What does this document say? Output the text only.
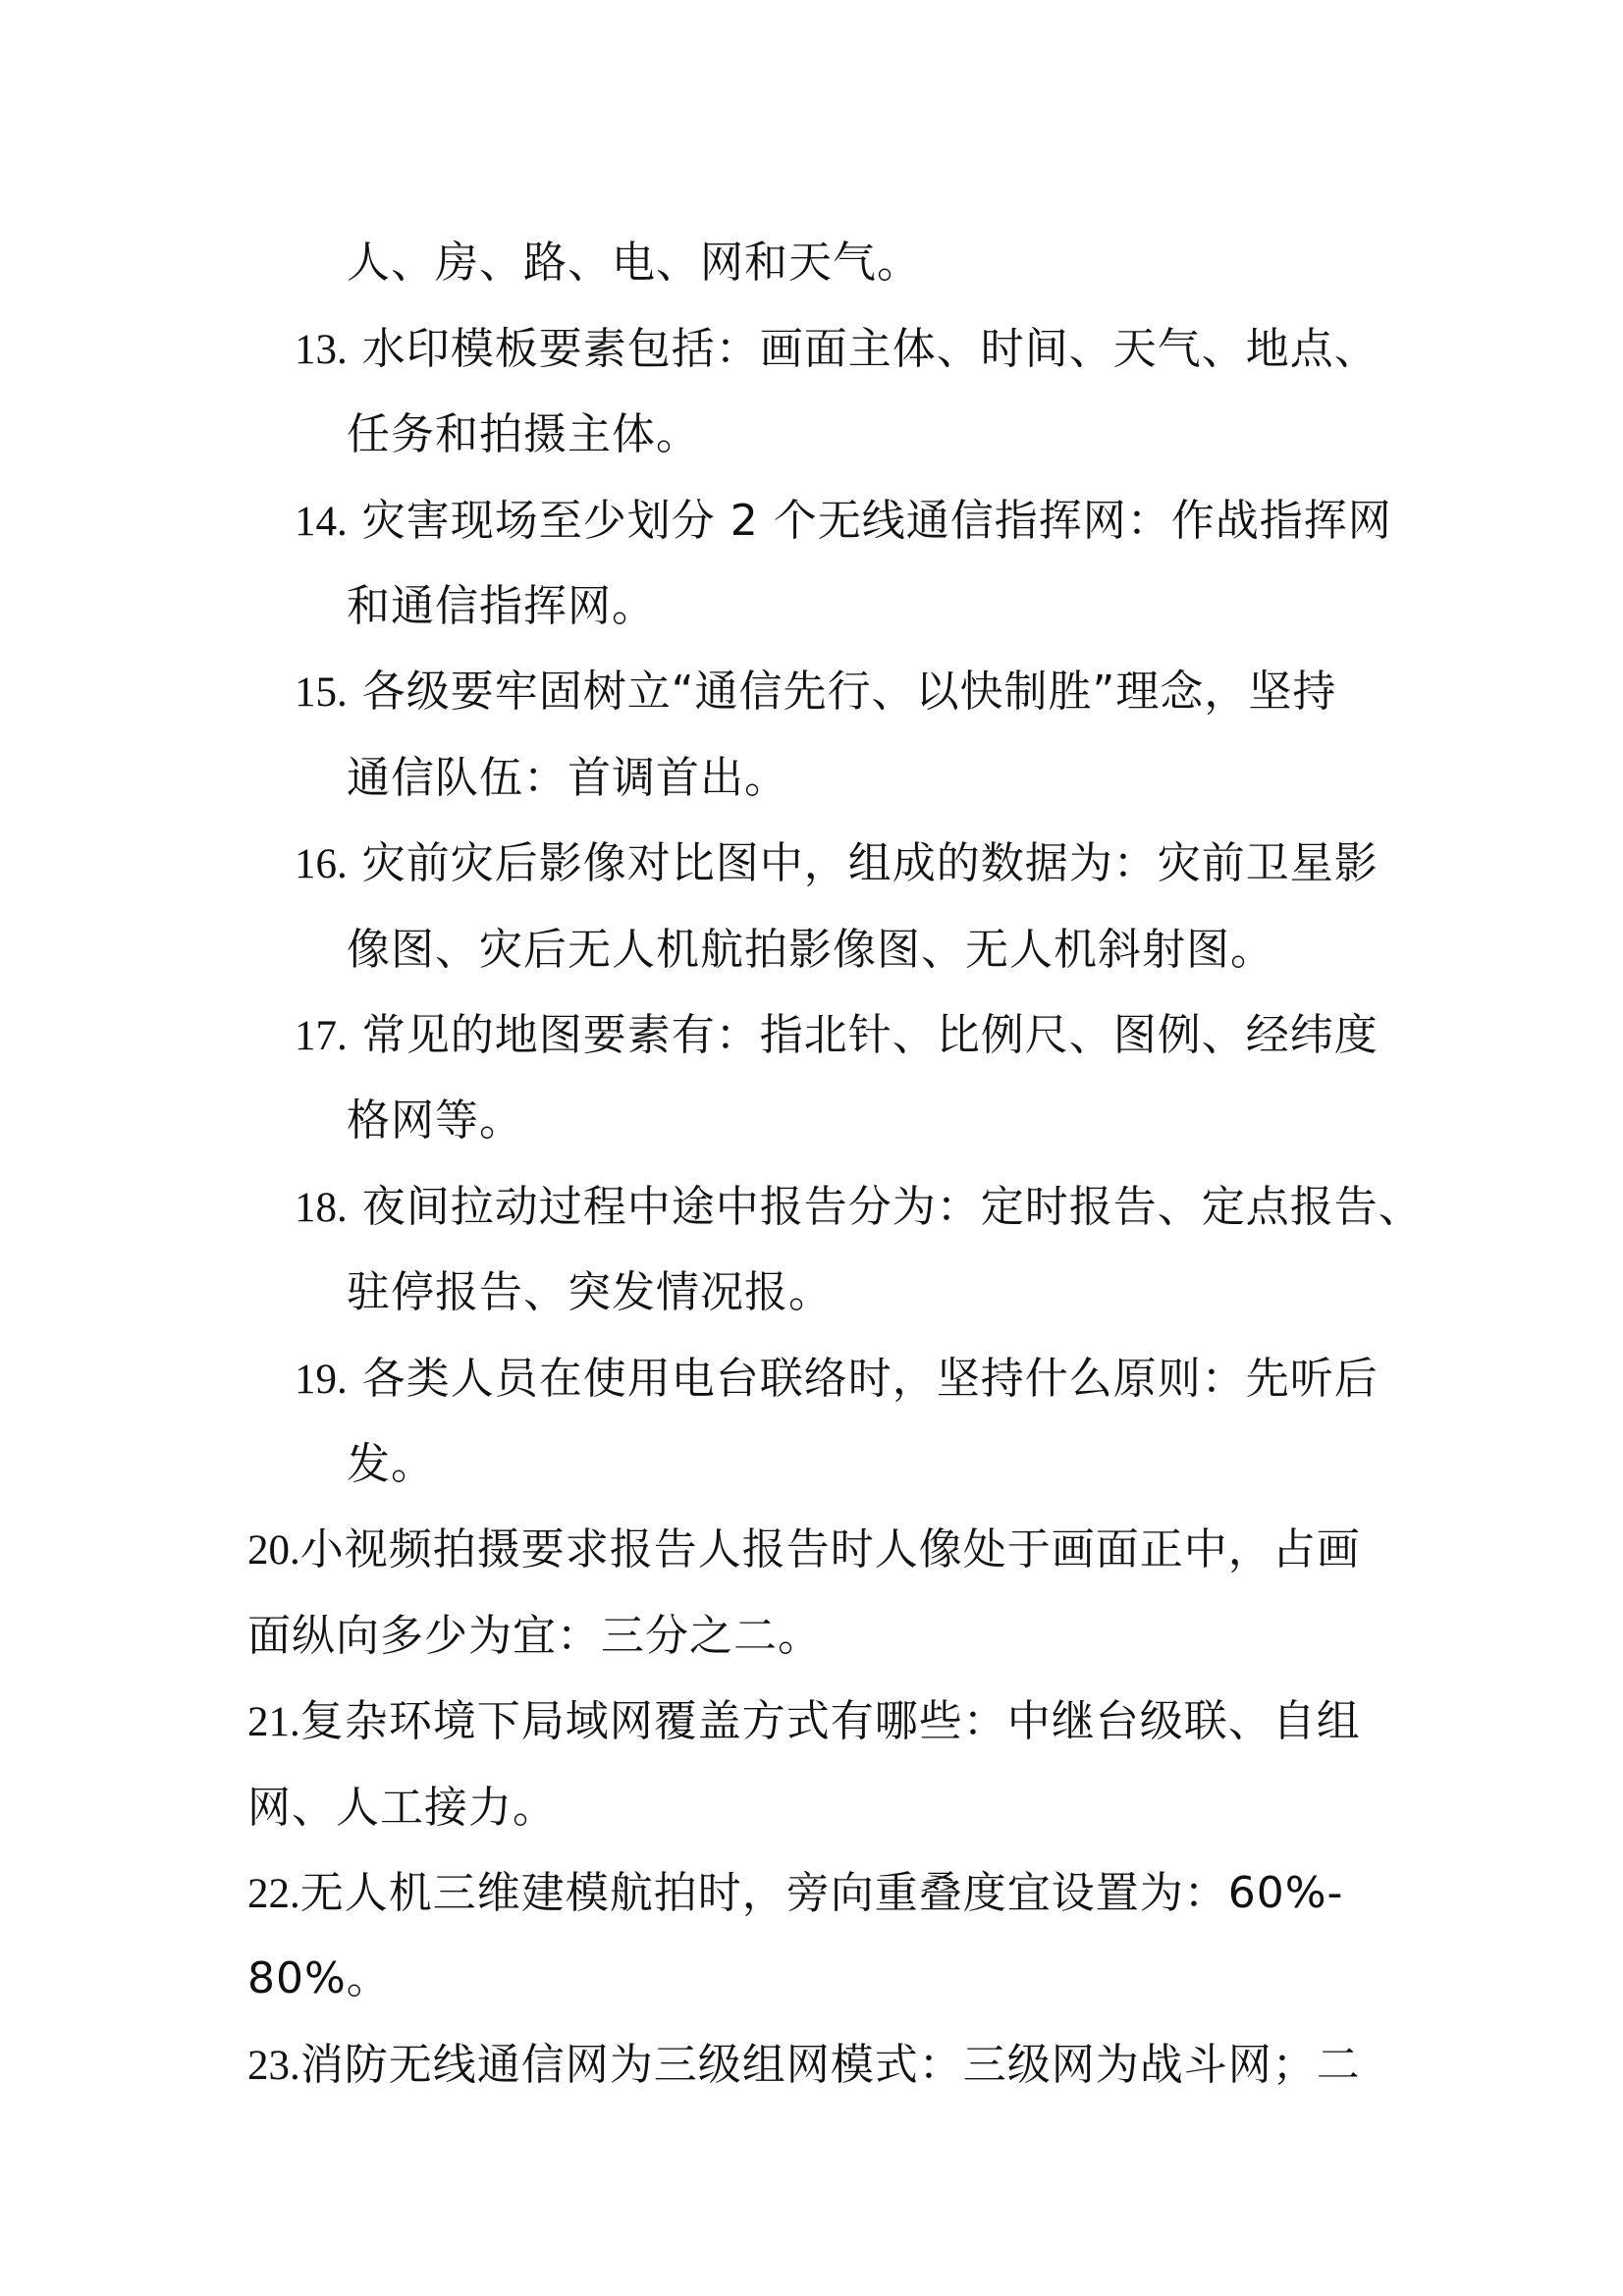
人、房、路、电、网和天气。
13. 水印模板要素包括：画面主体、时间、天气、地点、
任务和拍摄主体。
14. 灾害现场至少划分 2 个无线通信指挥网：作战指挥网
和通信指挥网。
15. 各级要牢固树立“通信先行、以快制胜”理念，坚持
通信队伍：首调首出。
16. 灾前灾后影像对比图中，组成的数据为：灾前卫星影
像图、灾后无人机航拍影像图、无人机斜射图。
17. 常见的地图要素有：指北针、比例尺、图例、经纬度
格网等。
18. 夜间拉动过程中途中报告分为：定时报告、定点报告、
驻停报告、突发情况报。
19. 各类人员在使用电台联络时，坚持什么原则：先听后
发。
20.小视频拍摄要求报告人报告时人像处于画面正中，占画
面纵向多少为宜：三分之二。
21.复杂环境下局域网覆盖方式有哪些：中继台级联、自组
网、人工接力。
22.无人机三维建模航拍时，旁向重叠度宜设置为：60%-
80%。
23.消防无线通信网为三级组网模式：三级网为战斗网；二
